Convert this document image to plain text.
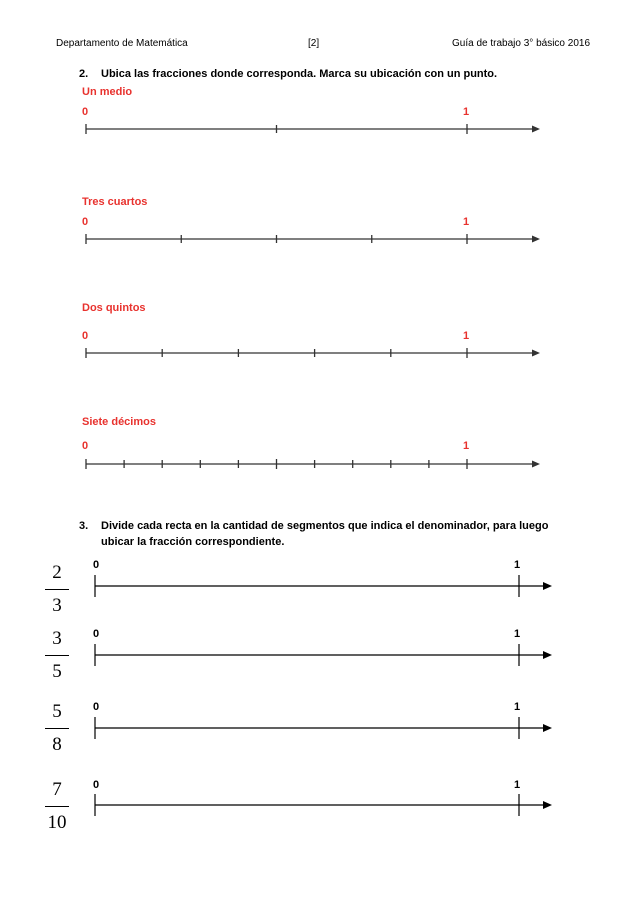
Departamento de Matemática	[2]	Guía de trabajo 3° básico 2016
2. Ubica las fracciones donde corresponda. Marca su ubicación con un punto.
Un medio
0	1
Tres cuartos
0	1
Dos quintos
0	1
Siete décimos
0	1
3. Divide cada recta en la cantidad de segmentos que indica el denominador, para luego
ubicar la fracción correspondiente.
2
3
3
5
5
8
7
10
0	1
0	1
0	1
0	1
